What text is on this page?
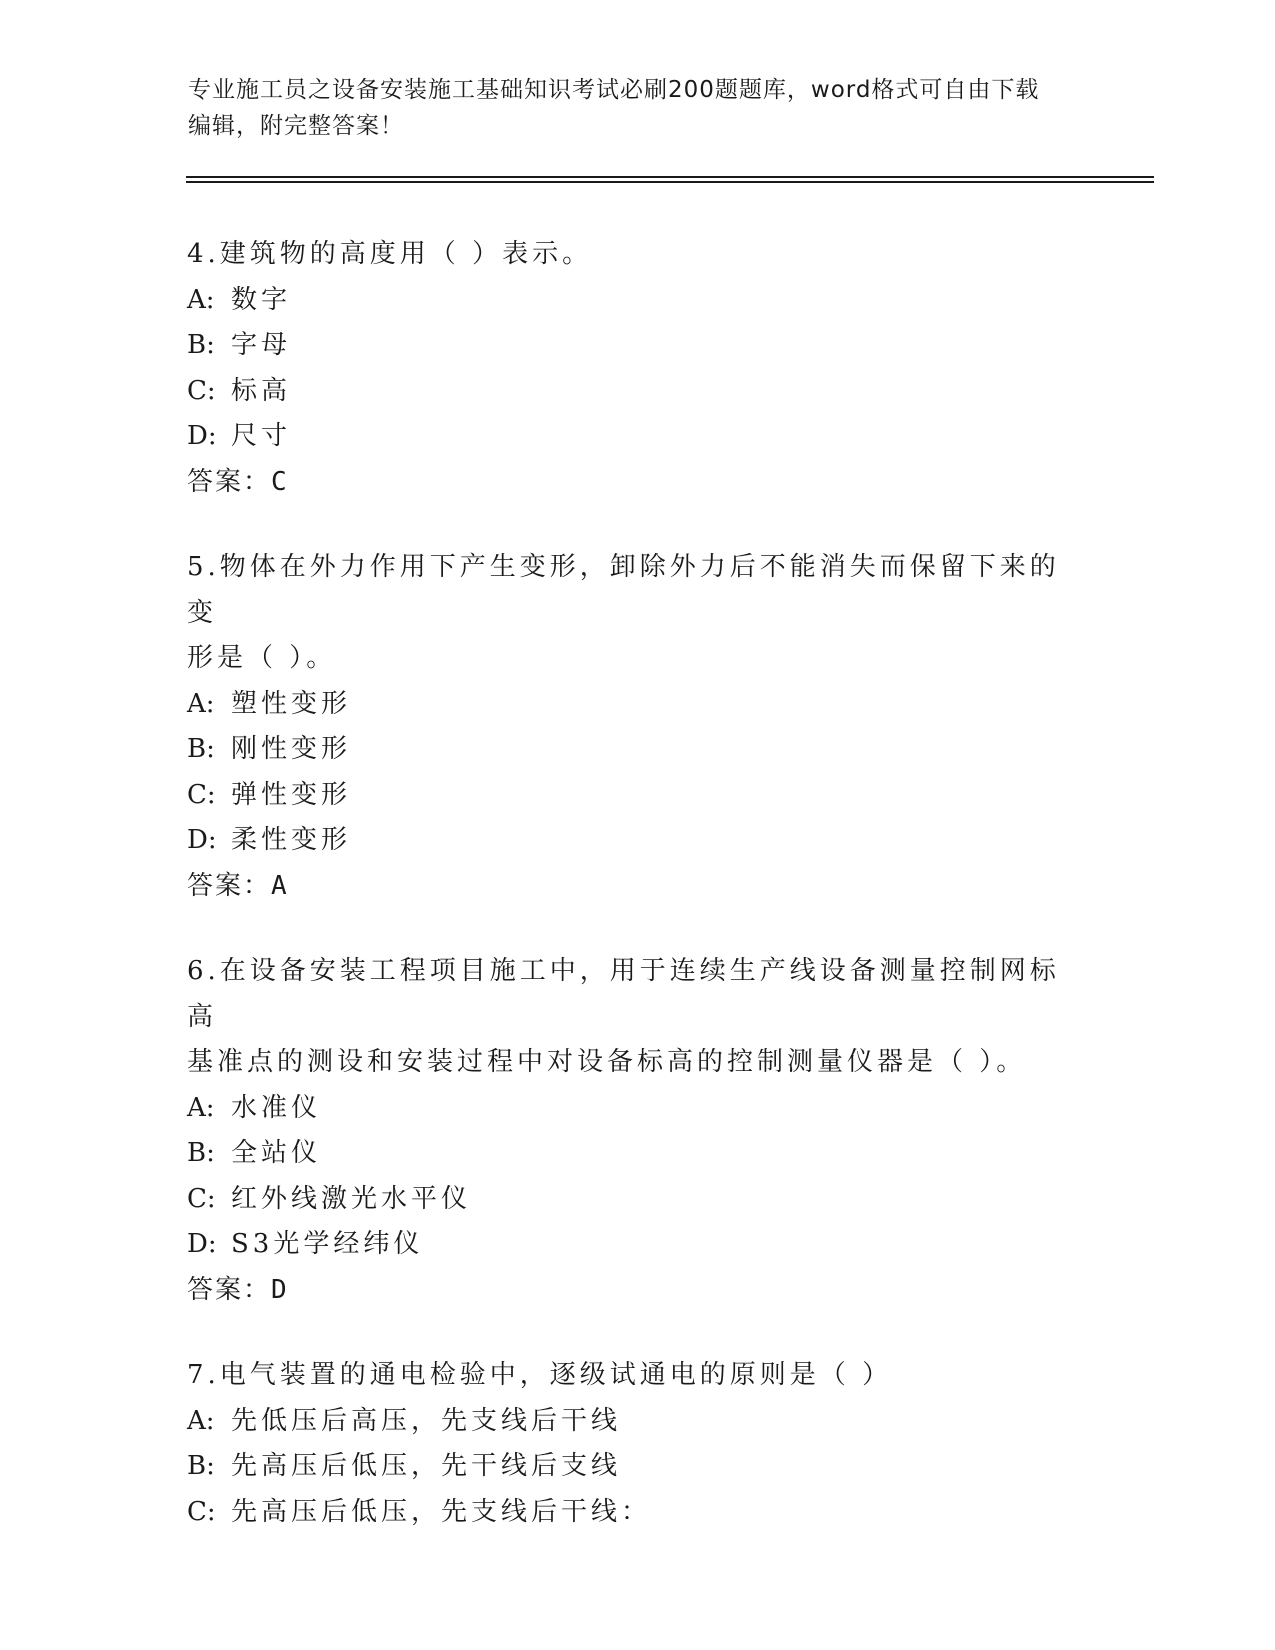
专业施工员之设备安装施工基础知识考试必刷200题题库，word格式可自由下载
编辑，附完整答案！

4.建筑物的高度用（ ）表示。

A: 数字

B: 字母

C: 标高

D: 尺寸

答案：C

5.物体在外力作用下产生变形，卸除外力后不能消失而保留下来的变

形是（ ）。

A: 塑性变形

B: 刚性变形

C: 弹性变形

D: 柔性变形

答案：A

6.在设备安装工程项目施工中，用于连续生产线设备测量控制网标高

基准点的测设和安装过程中对设备标高的控制测量仪器是（ ）。

A: 水准仪

B: 全站仪

C: 红外线激光水平仪

D: S3光学经纬仪

答案：D

7.电气装置的通电检验中，逐级试通电的原则是（ ）

A: 先低压后高压，先支线后干线

B: 先高压后低压，先干线后支线

C: 先高压后低压，先支线后干线：
